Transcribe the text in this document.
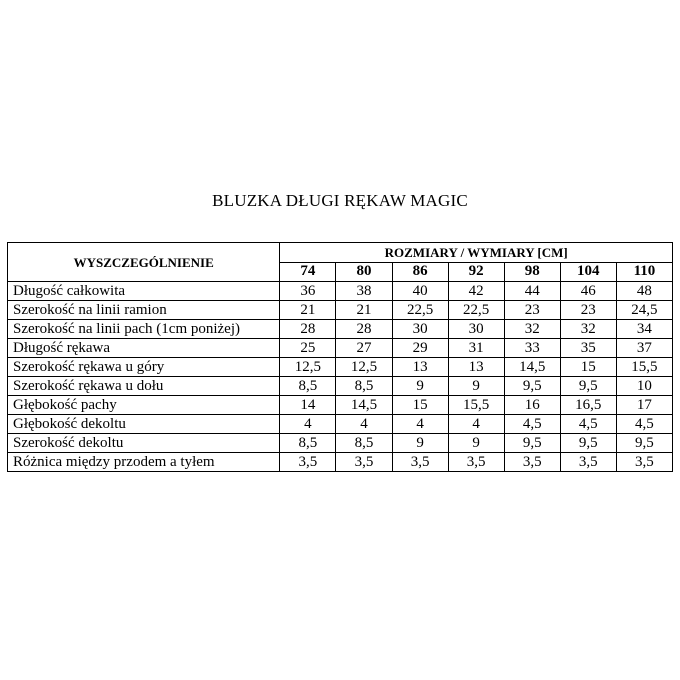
BLUZKA DŁUGI RĘKAW MAGIC
WYSZCZEGÓLNIENIE	ROZMIARY / WYMIARY [CM]						
	74	80	86	92	98	104	110
Długość całkowita	36	38	40	42	44	46	48
Szerokość na linii ramion	21	21	22,5	22,5	23	23	24,5
Szerokość na linii pach (1cm poniżej)	28	28	30	30	32	32	34
Długość rękawa	25	27	29	31	33	35	37
Szerokość rękawa u góry	12,5	12,5	13	13	14,5	15	15,5
Szerokość rękawa u dołu	8,5	8,5	9	9	9,5	9,5	10
Głębokość pachy	14	14,5	15	15,5	16	16,5	17
Głębokość dekoltu	4	4	4	4	4,5	4,5	4,5
Szerokość dekoltu	8,5	8,5	9	9	9,5	9,5	9,5
Różnica między przodem a tyłem	3,5	3,5	3,5	3,5	3,5	3,5	3,5
